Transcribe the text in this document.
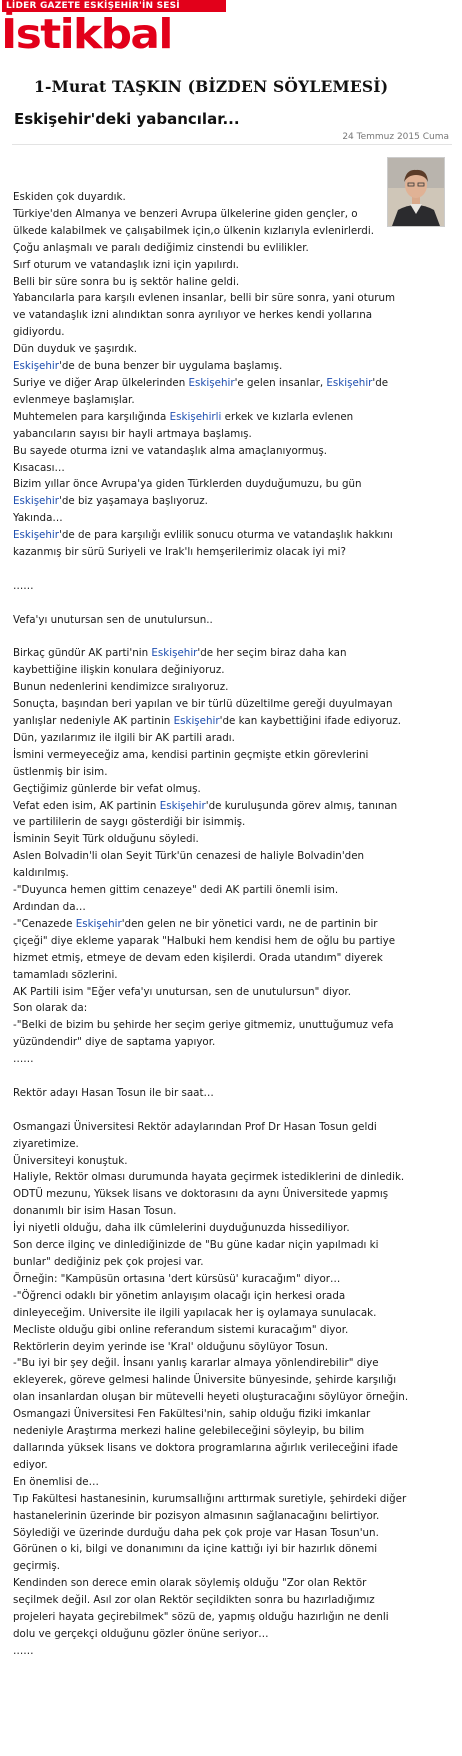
LİDER GAZETE ESKİŞEHİR'İN SESİ
İstikbal
1-Murat TAŞKIN (BİZDEN SÖYLEMESİ)
Eskişehir'deki yabancılar...
24 Temmuz 2015 Cuma

Eskiden çok duyardık.

Türkiye'den Almanya ve benzeri Avrupa ülkelerine giden gençler, o

ülkede kalabilmek ve çalışabilmek için,o ülkenin kızlarıyla evlenirlerdi.

Çoğu anlaşmalı ve paralı dediğimiz cinstendi bu evlilikler.

Sırf oturum ve vatandaşlık izni için yapılırdı.

Belli bir süre sonra bu iş sektör haline geldi.

Yabancılarla para karşılı evlenen insanlar, belli bir süre sonra, yani oturum

ve vatandaşlık izni alındıktan sonra ayrılıyor ve herkes kendi yollarına

gidiyordu.

Dün duyduk ve şaşırdık.

Eskişehir'de de buna benzer bir uygulama başlamış.

Suriye ve diğer Arap ülkelerinden Eskişehir'e gelen insanlar, Eskişehir'de

evlenmeye başlamışlar.

Muhtemelen para karşılığında Eskişehirli erkek ve kızlarla evlenen

yabancıların sayısı bir hayli artmaya başlamış.

Bu sayede oturma izni ve vatandaşlık alma amaçlanıyormuş.

Kısacası…

Bizim yıllar önce Avrupa'ya giden Türklerden duyduğumuzu, bu gün

Eskişehir'de biz yaşamaya başlıyoruz.

Yakında…

Eskişehir'de de para karşılığı evlilik sonucu oturma ve vatandaşlık hakkını

kazanmış bir sürü Suriyeli ve Irak'lı hemşerilerimiz olacak iyi mi?

……

Vefa'yı unutursan sen de unutulursun..

Birkaç gündür AK parti'nin Eskişehir'de her seçim biraz daha kan

kaybettiğine ilişkin konulara değiniyoruz.

Bunun nedenlerini kendimizce sıralıyoruz.

Sonuçta, başından beri yapılan ve bir türlü düzeltilme gereği duyulmayan

yanlışlar nedeniyle AK partinin Eskişehir'de kan kaybettiğini ifade ediyoruz.

Dün, yazılarımız ile ilgili bir AK partili aradı.

İsmini vermeyeceğiz ama, kendisi partinin geçmişte etkin görevlerini

üstlenmiş bir isim.

Geçtiğimiz günlerde bir vefat olmuş.

Vefat eden isim, AK partinin Eskişehir'de kuruluşunda görev almış, tanınan

ve partililerin de saygı gösterdiği bir isimmiş.

İsminin Seyit Türk olduğunu söyledi.

Aslen Bolvadin'li olan Seyit Türk'ün cenazesi de haliyle Bolvadin'den

kaldırılmış.

-"Duyunca hemen gittim cenazeye" dedi AK partili önemli isim.

Ardından da…

-"Cenazede Eskişehir'den gelen ne bir yönetici vardı, ne de partinin bir

çiçeği" diye ekleme yaparak "Halbuki hem kendisi hem de oğlu bu partiye

hizmet etmiş, etmeye de devam eden kişilerdi. Orada utandım" diyerek

tamamladı sözlerini.

AK Partili isim "Eğer vefa'yı unutursan, sen de unutulursun" diyor.

Son olarak da:

-"Belki de bizim bu şehirde her seçim geriye gitmemiz, unuttuğumuz vefa

yüzündendir" diye de saptama yapıyor.

……

Rektör adayı Hasan Tosun ile bir saat…

Osmangazi Üniversitesi Rektör adaylarından Prof Dr Hasan Tosun geldi

ziyaretimize.

Üniversiteyi konuştuk.

Haliyle, Rektör olması durumunda hayata geçirmek istediklerini de dinledik.

ODTÜ mezunu, Yüksek lisans ve doktorasını da aynı Üniversitede yapmış

donanımlı bir isim Hasan Tosun.

İyi niyetli olduğu, daha ilk cümlelerini duyduğunuzda hissediliyor.

Son derce ilginç ve dinlediğinizde de "Bu güne kadar niçin yapılmadı ki

bunlar" dediğiniz pek çok projesi var.

Örneğin: "Kampüsün ortasına 'dert kürsüsü' kuracağım" diyor…

-"Öğrenci odaklı bir yönetim anlayışım olacağı için herkesi orada

dinleyeceğim. Universite ile ilgili yapılacak her iş oylamaya sunulacak.

Mecliste olduğu gibi online referandum sistemi kuracağım" diyor.

Rektörlerin deyim yerinde ise 'Kral' olduğunu söylüyor Tosun.

-"Bu iyi bir şey değil. İnsanı yanlış kararlar almaya yönlendirebilir" diye

ekleyerek, göreve gelmesi halinde Üniversite bünyesinde, şehirde karşılığı

olan insanlardan oluşan bir mütevelli heyeti oluşturacağını söylüyor örneğin.

Osmangazi Üniversitesi Fen Fakültesi'nin, sahip olduğu fiziki imkanlar

nedeniyle Araştırma merkezi haline gelebileceğini söyleyip, bu bilim

dallarında yüksek lisans ve doktora programlarına ağırlık verileceğini ifade

ediyor.

En önemlisi de…

Tıp Fakültesi hastanesinin, kurumsallığını arttırmak suretiyle, şehirdeki diğer

hastanelerinin üzerinde bir pozisyon almasının sağlanacağını belirtiyor.

Söylediği ve üzerinde durduğu daha pek çok proje var Hasan Tosun'un.

Görünen o ki, bilgi ve donanımını da içine kattığı iyi bir hazırlık dönemi

geçirmiş.

Kendinden son derece emin olarak söylemiş olduğu "Zor olan Rektör

seçilmek değil. Asıl zor olan Rektör seçildikten sonra bu hazırladığımız

projeleri hayata geçirebilmek" sözü de, yapmış olduğu hazırlığın ne denli

dolu ve gerçekçi olduğunu gözler önüne seriyor…

……
